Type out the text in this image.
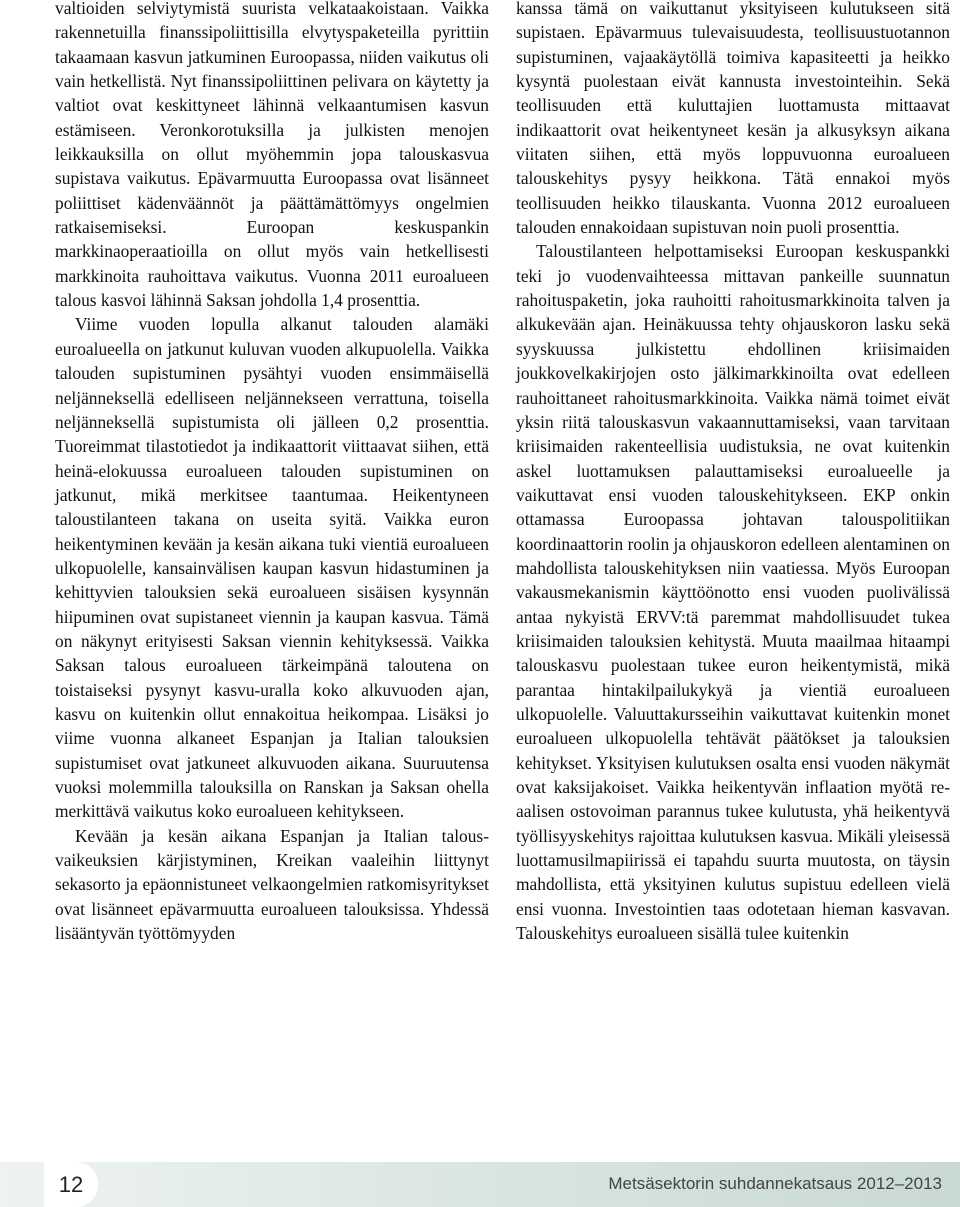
valtioiden selviytymistä suurista velkataakoistaan. Vaikka rakennetuilla finanssipoliittisilla elvytyspaketeilla pyrittiin takaamaan kasvun jatkuminen Euroopassa, niiden vaikutus oli vain hetkellistä. Nyt finanssipoliittinen pelivara on käytetty ja valtiot ovat keskittyneet lähinnä velkaantumisen kasvun estämiseen. Veronkorotuksilla ja julkisten menojen leikkauksilla on ollut myöhemmin jopa talouskasvua supistava vaikutus. Epävarmuutta Euroopassa ovat lisänneet poliittiset kädenväännöt ja päättämättömyys ongelmien ratkaisemiseksi. Euroopan keskuspankin markkinaoperaatioilla on ollut myös vain hetkellisesti markkinoita rauhoittava vaikutus. Vuonna 2011 euroalueen talous kasvoi lähinnä Saksan johdolla 1,4 prosenttia.

Viime vuoden lopulla alkanut talouden alamäki euroalueella on jatkunut kuluvan vuoden alkupuolella. Vaikka talouden supistuminen pysähtyi vuoden ensimmäisellä neljänneksellä edelliseen neljännekseen verrattuna, toisella neljänneksellä supistumista oli jälleen 0,2 prosenttia. Tuoreimmat tilastotiedot ja indikaattorit viittaavat siihen, että heinä-elokuussa euroalueen talouden supistuminen on jatkunut, mikä merkitsee taantumaa. Heikentyneen taloustilanteen takana on useita syitä. Vaikka euron heikentyminen kevään ja kesän aikana tuki vientiä euroalueen ulkopuolelle, kansainvälisen kaupan kasvun hidastuminen ja kehittyvien talouksien sekä euroalueen sisäisen kysynnän hiipuminen ovat supistaneet viennin ja kaupan kasvua. Tämä on näkynyt erityisesti Saksan viennin kehityksessä. Vaikka Saksan talous euroalueen tärkeimpänä taloutena on toistaiseksi pysynyt kasvu-uralla koko alkuvuoden ajan, kasvu on kuitenkin ollut ennakoitua heikompaa. Lisäksi jo viime vuonna alkaneet Espanjan ja Italian talouksien supistumiset ovat jatkuneet alkuvuoden aikana. Suuruutensa vuoksi molemmilla talouksilla on Ranskan ja Saksan ohella merkittävä vaikutus koko euroalueen kehitykseen.

Kevään ja kesän aikana Espanjan ja Italian talousvaikeuksien kärjistyminen, Kreikan vaaleihin liittynyt sekasorto ja epäonnistuneet velkaongelmien ratkomisyritykset ovat lisänneet epävarmuutta euroalueen talouksissa. Yhdessä lisääntyvän työttömyyden

kanssa tämä on vaikuttanut yksityiseen kulutukseen sitä supistaen. Epävarmuus tulevaisuudesta, teollisuustuotannon supistuminen, vajaakäytöllä toimiva kapasiteetti ja heikko kysyntä puolestaan eivät kannusta investointeihin. Sekä teollisuuden että kuluttajien luottamusta mittaavat indikaattorit ovat heikentyneet kesän ja alkusyksyn aikana viitaten siihen, että myös loppuvuonna euroalueen talouskehitys pysyy heikkona. Tätä ennakoi myös teollisuuden heikko tilauskanta. Vuonna 2012 euroalueen talouden ennakoidaan supistuvan noin puoli prosenttia.

Taloustilanteen helpottamiseksi Euroopan keskuspankki teki jo vuodenvaihteessa mittavan pankeille suunnatun rahoituspaketin, joka rauhoitti rahoitusmarkkinoita talven ja alkukevään ajan. Heinäkuussa tehty ohjauskoron lasku sekä syyskuussa julkistettu ehdollinen kriisimaiden joukkovelkakirjojen osto jälkimarkkinoilta ovat edelleen rauhoittaneet rahoitusmarkkinoita. Vaikka nämä toimet eivät yksin riitä talouskasvun vakaannuttamiseksi, vaan tarvitaan kriisimaiden rakenteellisia uudistuksia, ne ovat kuitenkin askel luottamuksen palauttamiseksi euroalueelle ja vaikuttavat ensi vuoden talouskehitykseen. EKP onkin ottamassa Euroopassa johtavan talouspolitiikan koordinaattorin roolin ja ohjauskoron edelleen alentaminen on mahdollista talouskehityksen niin vaatiessa. Myös Euroopan vakausmekanismin käyttöönotto ensi vuoden puolivälissä antaa nykyistä ERVV:tä paremmat mahdollisuudet tukea kriisimaiden talouksien kehitystä. Muuta maailmaa hitaampi talouskasvu puolestaan tukee euron heikentymistä, mikä parantaa hintakilpailukykyä ja vientiä euroalueen ulkopuolelle. Valuuttakursseihin vaikuttavat kuitenkin monet euroalueen ulkopuolella tehtävät päätökset ja talouksien kehitykset. Yksityisen kulutuksen osalta ensi vuoden näkymät ovat kaksijakoiset. Vaikka heikentyvän inflaation myötä reaalisen ostovoiman parannus tukee kulutusta, yhä heikentyvä työllisyyskehitys rajoittaa kulutuksen kasvua. Mikäli yleisessä luottamusilmapiirissä ei tapahdu suurta muutosta, on täysin mahdollista, että yksityinen kulutus supistuu edelleen vielä ensi vuonna. Investointien taas odotetaan hieman kasvavan. Talouskehitys euroalueen sisällä tulee kuitenkin

12	Metsäsektorin suhdannekatsaus 2012–2013
